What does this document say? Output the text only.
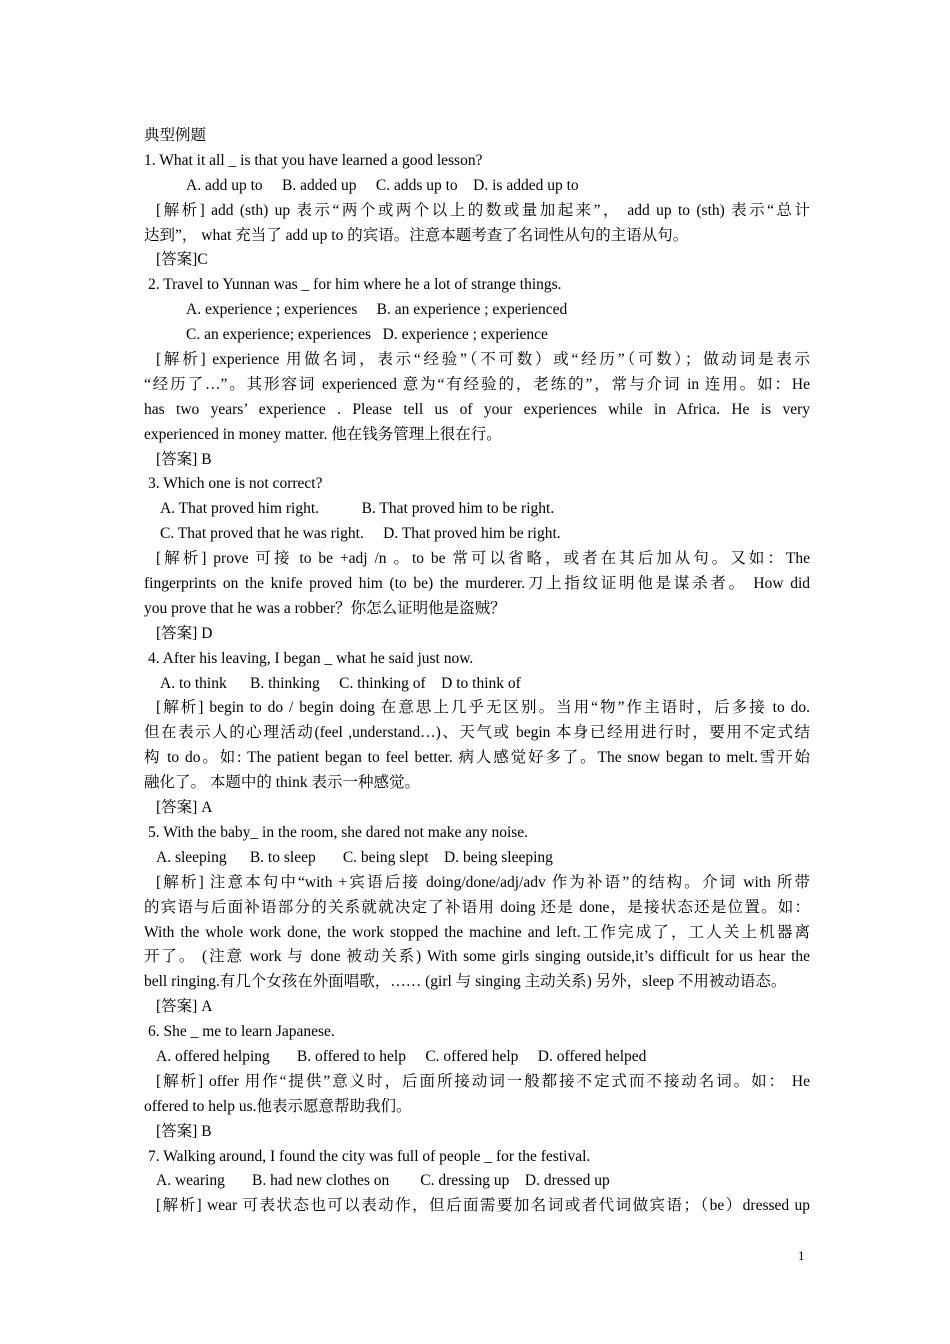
典型例题
1. What it all _ is that you have learned a good lesson?
A. add up to     B. added up     C. adds up to    D. is added up to
[解析] add (sth) up 表示“两个或两个以上的数或量加起来”， add up to (sth) 表示“总计
达到”， what 充当了 add up to 的宾语。注意本题考查了名词性从句的主语从句。
[答案]C
2. Travel to Yunnan was _ for him where he a lot of strange things.
A. experience ; experiences     B. an experience ; experienced
C. an experience; experiences   D. experience ; experience
[解析] experience 用做名词，表示“经验”（不可数）或“经历”（可数）；做动词是表示
“经历了…”。其形容词 experienced 意为“有经验的，老练的”，常与介词 in 连用。如：He
has two years’ experience . Please tell us of your experiences while in Africa. He is very
experienced in money matter. 他在钱务管理上很在行。
[答案] B
3. Which one is not correct?
A. That proved him right.           B. That proved him to be right.
C. That proved that he was right.     D. That proved him be right.
[解析] prove 可接 to be +adj /n 。to be 常可以省略，或者在其后加从句。又如：The
fingerprints on the knife proved him (to be) the murderer.刀上指纹证明他是谋杀者。 How did
you prove that he was a robber？你怎么证明他是盗贼？
[答案] D
4. After his leaving, I began _ what he said just now.
A. to think      B. thinking     C. thinking of    D to think of
[解析] begin to do / begin doing 在意思上几乎无区别。当用“物”作主语时，后多接 to do.
但在表示人的心理活动(feel ,understand…)、天气或 begin 本身已经用进行时，要用不定式结
构 to do。如: The patient began to feel better. 病人感觉好多了。The snow began to melt.雪开始
融化了。 本题中的 think 表示一种感觉。
[答案] A
5. With the baby_ in the room, she dared not make any noise.
A. sleeping      B. to sleep       C. being slept    D. being sleeping
[解析] 注意本句中“with +宾语后接 doing/done/adj/adv 作为补语”的结构。介词 with 所带
的宾语与后面补语部分的关系就就决定了补语用 doing 还是 done，是接状态还是位置。如：
With the whole work done, the work stopped the machine and left.工作完成了，工人关上机器离
开了。 (注意 work 与 done 被动关系) With some girls singing outside,it’s difficult for us hear the
bell ringing.有几个女孩在外面唱歌，…… (girl 与 singing 主动关系) 另外，sleep 不用被动语态。
[答案] A
6. She _ me to learn Japanese.
A. offered helping       B. offered to help     C. offered help     D. offered helped
[解析] offer 用作“提供”意义时，后面所接动词一般都接不定式而不接动名词。如： He
offered to help us.他表示愿意帮助我们。
[答案] B
7. Walking around, I found the city was full of people _ for the festival.
A. wearing       B. had new clothes on        C. dressing up    D. dressed up
[解析] wear 可表状态也可以表动作，但后面需要加名词或者代词做宾语；（be）dressed up
1
